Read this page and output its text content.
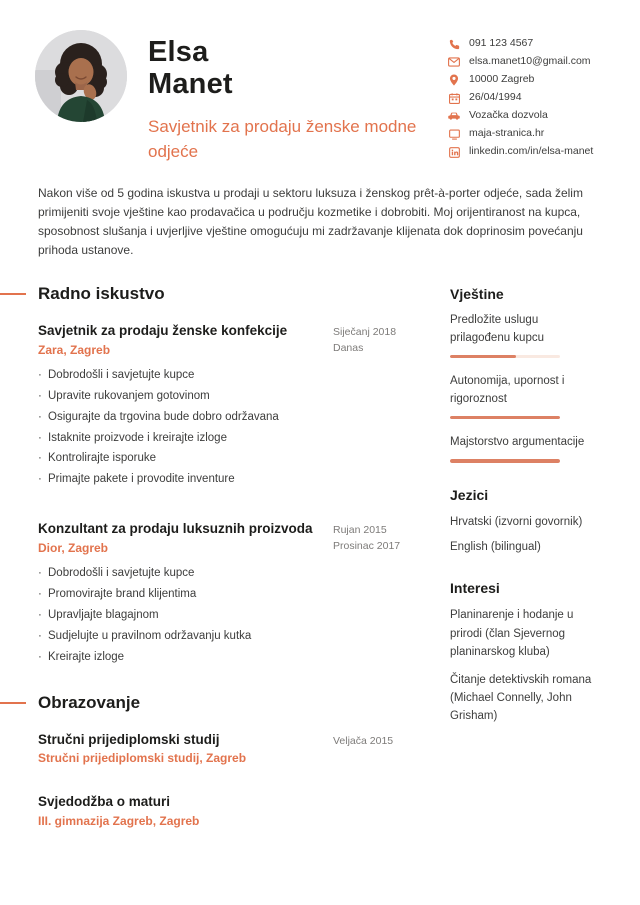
Elsa
Manet
Savjetnik za prodaju ženske modne odjeće
091 123 4567
elsa.manet10@gmail.com
10000 Zagreb
26/04/1994
Vozačka dozvola
maja-stranica.hr
linkedin.com/in/elsa-manet

Nakon više od 5 godina iskustva u prodaji u sektoru luksuza i ženskog prêt-à-porter odjeće, sada želim primijeniti svoje vještine kao prodavačica u području kozmetike i dobrobiti. Moj orijentiranost na kupca, sposobnost slušanja i uvjerljive vještine omogućuju mi zadržavanje klijenata dok doprinosim povećanju prihoda ustanove.

Radno iskustvo
Savjetnik za prodaju ženske konfekcije
Zara, Zagreb
Siječanj 2018
Danas
· Dobrodošli i savjetujte kupce
· Upravite rukovanjem gotovinom
· Osigurajte da trgovina bude dobro održavana
· Istaknite proizvode i kreirajte izloge
· Kontrolirajte isporuke
· Primajte pakete i provodite inventure
Konzultant za prodaju luksuznih proizvoda
Dior, Zagreb
Rujan 2015
Prosinac 2017
· Dobrodošli i savjetujte kupce
· Promovirajte brand klijentima
· Upravljajte blagajnom
· Sudjelujte u pravilnom održavanju kutka
· Kreirajte izloge
Obrazovanje
Stručni prijediplomski studij
Stručni prijediplomski studij, Zagreb
Veljača 2015
Svjedodžba o maturi
III. gimnazija Zagreb, Zagreb
Vještine
Predložite uslugu prilagođenu kupcu
Autonomija, upornost i rigoroznost
Majstorstvo argumentacije
Jezici
Hrvatski (izvorni govornik)
English (bilingual)
Interesi
Planinarenje i hodanje u prirodi (član Sjevernog planinarskog kluba)
Čitanje detektivskih romana (Michael Connelly, John Grisham)
